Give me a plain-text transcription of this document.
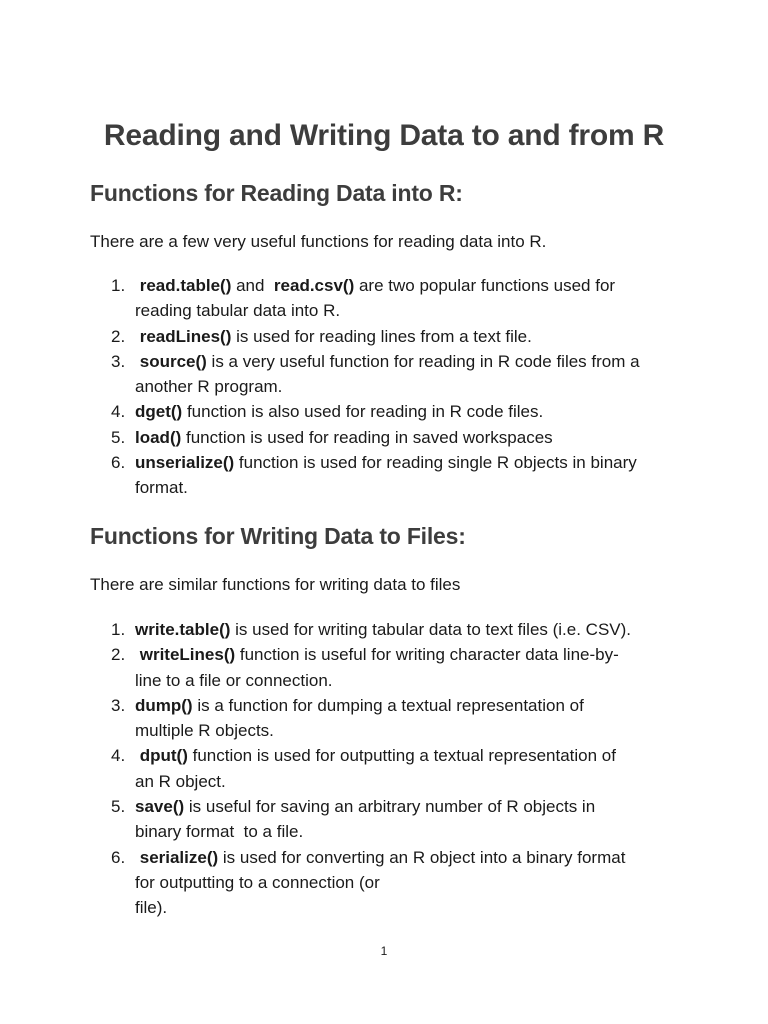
Reading and Writing Data to and from R
Functions for Reading Data into R:
There are a few very useful functions for reading data into R.
1. read.table() and  read.csv() are two popular functions used for
reading tabular data into R.
2. readLines() is used for reading lines from a text file.
3. source() is a very useful function for reading in R code files from a
another R program.
4. dget() function is also used for reading in R code files.
5. load() function is used for reading in saved workspaces
6. unserialize() function is used for reading single R objects in binary
format.
Functions for Writing Data to Files:
There are similar functions for writing data to files
1. write.table() is used for writing tabular data to text files (i.e. CSV).
2. writeLines() function is useful for writing character data line-by-
line to a file or connection.
3. dump() is a function for dumping a textual representation of
multiple R objects.
4. dput() function is used for outputting a textual representation of
an R object.
5. save() is useful for saving an arbitrary number of R objects in
binary format  to a file.
6. serialize() is used for converting an R object into a binary format
for outputting to a connection (or
file).
1
